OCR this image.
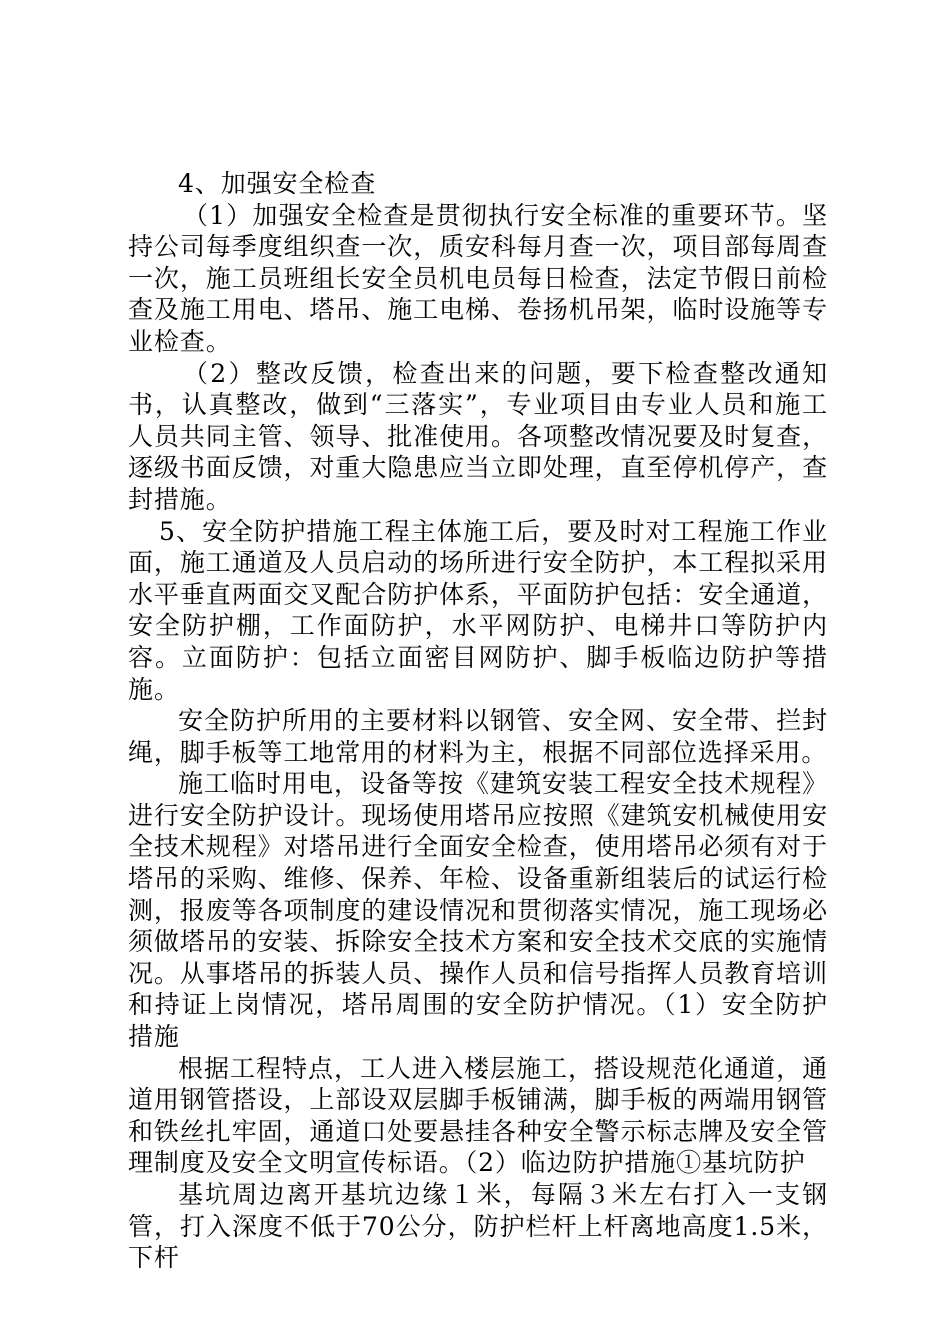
4、加强安全检查

（1）加强安全检查是贯彻执行安全标准的重要环节。坚持公司每季度组织查一次，质安科每月查一次，项目部每周查一次，施工员班组长安全员机电员每日检查，法定节假日前检查及施工用电、塔吊、施工电梯、卷扬机吊架，临时设施等专业检查。

（2）整改反馈，检查出来的问题，要下检查整改通知书，认真整改，做到“三落实”，专业项目由专业人员和施工人员共同主管、领导、批准使用。各项整改情况要及时复查，逐级书面反馈，对重大隐患应当立即处理，直至停机停产，查封措施。

5、安全防护措施工程主体施工后，要及时对工程施工作业面，施工通道及人员启动的场所进行安全防护，本工程拟采用水平垂直两面交叉配合防护体系，平面防护包括：安全通道，安全防护棚，工作面防护，水平网防护、电梯井口等防护内容。立面防护：包括立面密目网防护、脚手板临边防护等措施。

安全防护所用的主要材料以钢管、安全网、安全带、拦封绳，脚手板等工地常用的材料为主，根据不同部位选择采用。

施工临时用电，设备等按《建筑安装工程安全技术规程》进行安全防护设计。现场使用塔吊应按照《建筑安机械使用安全技术规程》对塔吊进行全面安全检查，使用塔吊必须有对于塔吊的采购、维修、保养、年检、设备重新组装后的试运行检测，报废等各项制度的建设情况和贯彻落实情况，施工现场必须做塔吊的安装、拆除安全技术方案和安全技术交底的实施情况。从事塔吊的拆装人员、操作人员和信号指挥人员教育培训和持证上岗情况，塔吊周围的安全防护情况。（1）安全防护措施

根据工程特点，工人进入楼层施工，搭设规范化通道，通道用钢管搭设，上部设双层脚手板铺满，脚手板的两端用钢管和铁丝扎牢固，通道口处要悬挂各种安全警示标志牌及安全管理制度及安全文明宣传标语。（2）临边防护措施①基坑防护

基坑周边离开基坑边缘１米，每隔３米左右打入一支钢管，打入深度不低于70公分，防护栏杆上杆离地高度1.5米，下杆
